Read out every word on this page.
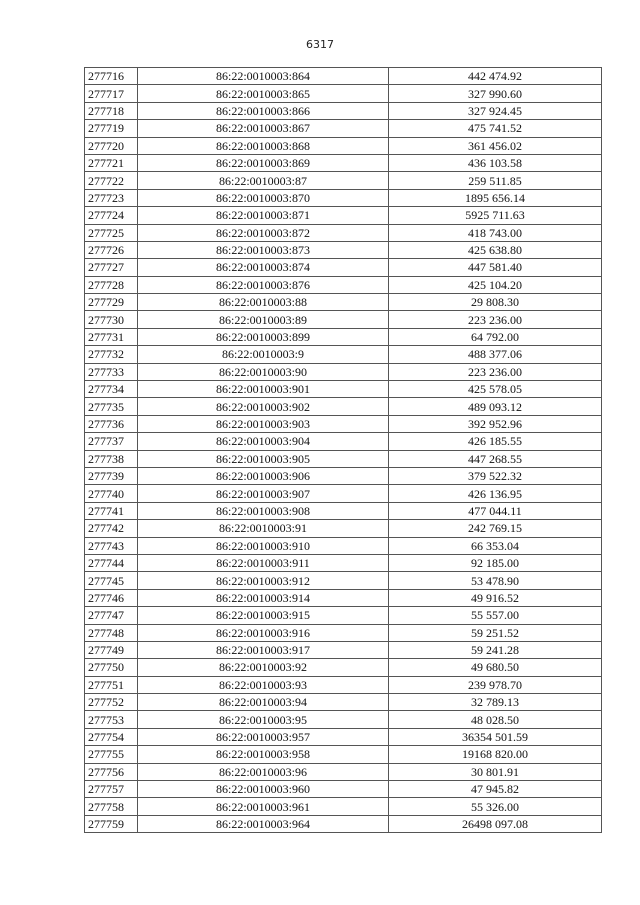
6317
277716	86:22:0010003:864	442 474.92
277717	86:22:0010003:865	327 990.60
277718	86:22:0010003:866	327 924.45
277719	86:22:0010003:867	475 741.52
277720	86:22:0010003:868	361 456.02
277721	86:22:0010003:869	436 103.58
277722	86:22:0010003:87	259 511.85
277723	86:22:0010003:870	1895 656.14
277724	86:22:0010003:871	5925 711.63
277725	86:22:0010003:872	418 743.00
277726	86:22:0010003:873	425 638.80
277727	86:22:0010003:874	447 581.40
277728	86:22:0010003:876	425 104.20
277729	86:22:0010003:88	29 808.30
277730	86:22:0010003:89	223 236.00
277731	86:22:0010003:899	64 792.00
277732	86:22:0010003:9	488 377.06
277733	86:22:0010003:90	223 236.00
277734	86:22:0010003:901	425 578.05
277735	86:22:0010003:902	489 093.12
277736	86:22:0010003:903	392 952.96
277737	86:22:0010003:904	426 185.55
277738	86:22:0010003:905	447 268.55
277739	86:22:0010003:906	379 522.32
277740	86:22:0010003:907	426 136.95
277741	86:22:0010003:908	477 044.11
277742	86:22:0010003:91	242 769.15
277743	86:22:0010003:910	66 353.04
277744	86:22:0010003:911	92 185.00
277745	86:22:0010003:912	53 478.90
277746	86:22:0010003:914	49 916.52
277747	86:22:0010003:915	55 557.00
277748	86:22:0010003:916	59 251.52
277749	86:22:0010003:917	59 241.28
277750	86:22:0010003:92	49 680.50
277751	86:22:0010003:93	239 978.70
277752	86:22:0010003:94	32 789.13
277753	86:22:0010003:95	48 028.50
277754	86:22:0010003:957	36354 501.59
277755	86:22:0010003:958	19168 820.00
277756	86:22:0010003:96	30 801.91
277757	86:22:0010003:960	47 945.82
277758	86:22:0010003:961	55 326.00
277759	86:22:0010003:964	26498 097.08
